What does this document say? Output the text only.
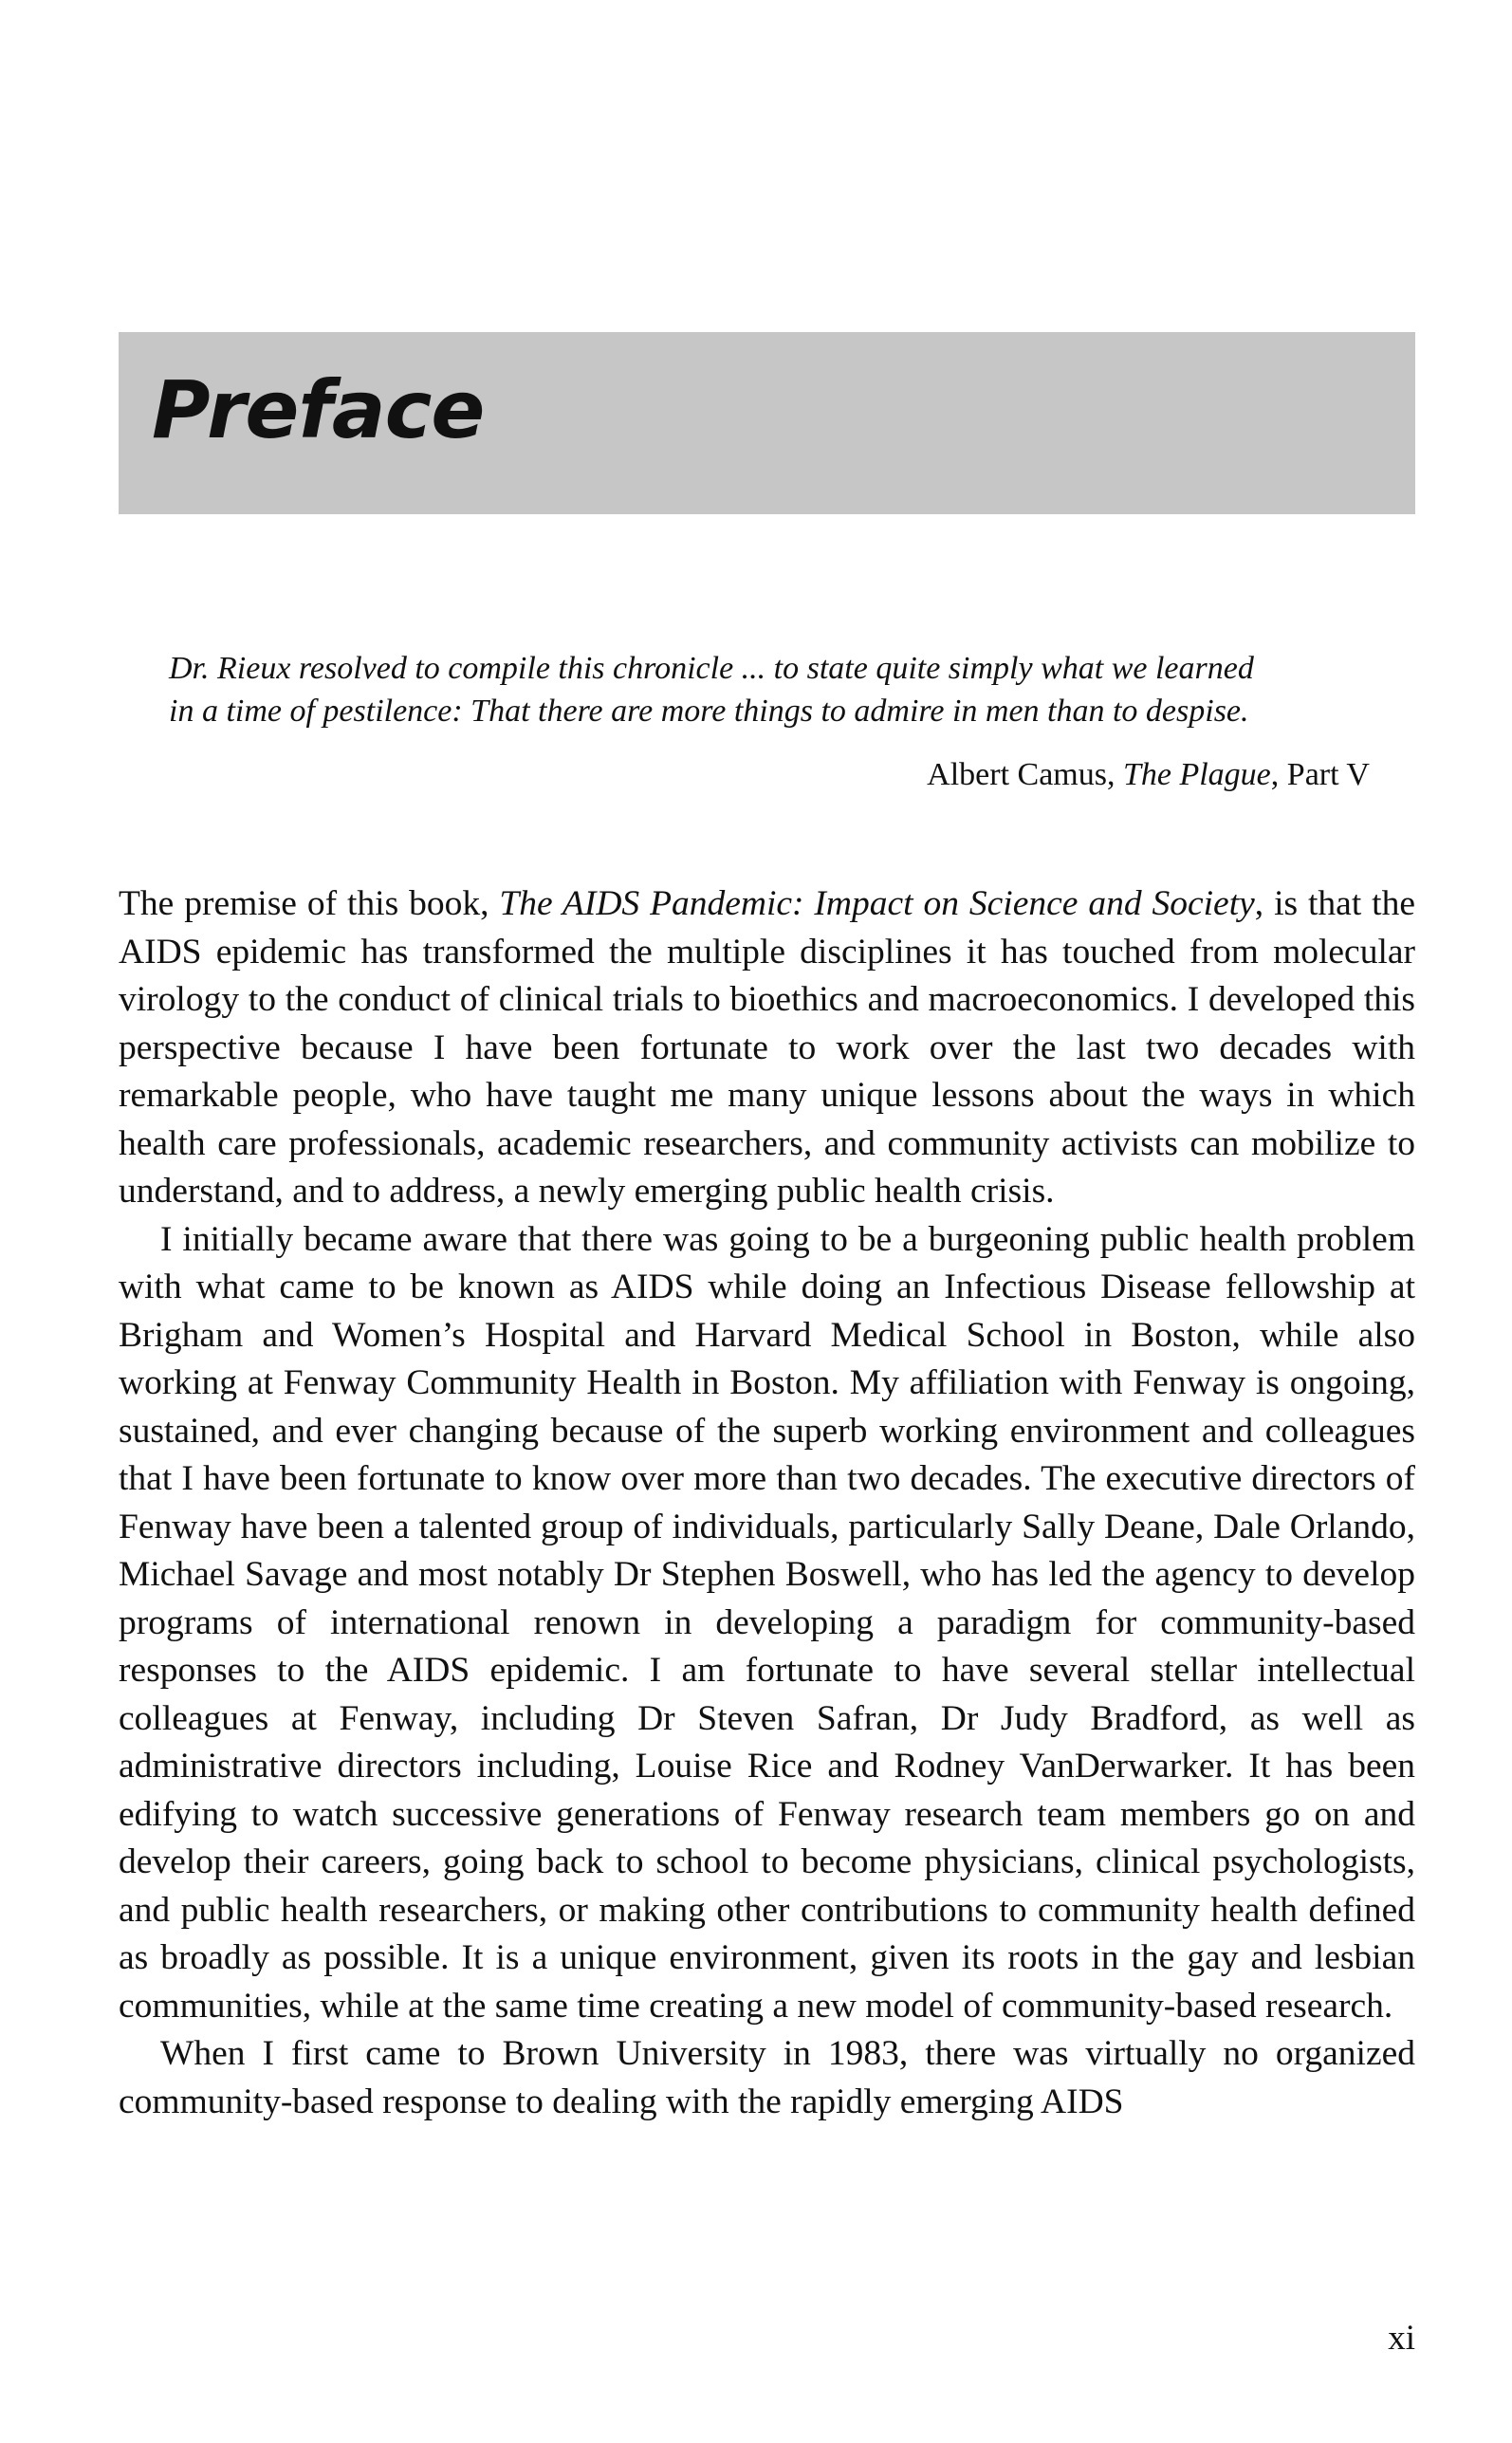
Preface
Dr. Rieux resolved to compile this chronicle ... to state quite simply what we learned
in a time of pestilence: That there are more things to admire in men than to despise.
Albert Camus, The Plague, Part V

The premise of this book, The AIDS Pandemic: Impact on Science and Society, is that the AIDS epidemic has transformed the multiple disciplines it has touched from molecular virology to the conduct of clinical trials to bioethics and macroeconomics. I developed this perspective because I have been fortunate to work over the last two decades with remarkable people, who have taught me many unique lessons about the ways in which health care professionals, academic researchers, and community activists can mobilize to understand, and to address, a newly emerging public health crisis.

I initially became aware that there was going to be a burgeoning public health problem with what came to be known as AIDS while doing an Infectious Disease fellowship at Brigham and Women’s Hospital and Harvard Medical School in Boston, while also working at Fenway Community Health in Boston. My affiliation with Fenway is ongoing, sustained, and ever changing because of the superb working environment and colleagues that I have been fortunate to know over more than two decades. The executive directors of Fenway have been a talented group of individuals, particularly Sally Deane, Dale Orlando, Michael Savage and most notably Dr Stephen Boswell, who has led the agency to develop programs of international renown in developing a paradigm for community-based responses to the AIDS epidemic. I am fortunate to have several stellar intellectual colleagues at Fenway, including Dr Steven Safran, Dr Judy Bradford, as well as administrative directors including, Louise Rice and Rodney VanDerwarker. It has been edifying to watch successive generations of Fenway research team members go on and develop their careers, going back to school to become physicians, clinical psychologists, and public health researchers, or making other contributions to community health defined as broadly as possible. It is a unique environment, given its roots in the gay and lesbian communities, while at the same time creating a new model of community-based research.

When I first came to Brown University in 1983, there was virtually no organized community-based response to dealing with the rapidly emerging AIDS

xi
